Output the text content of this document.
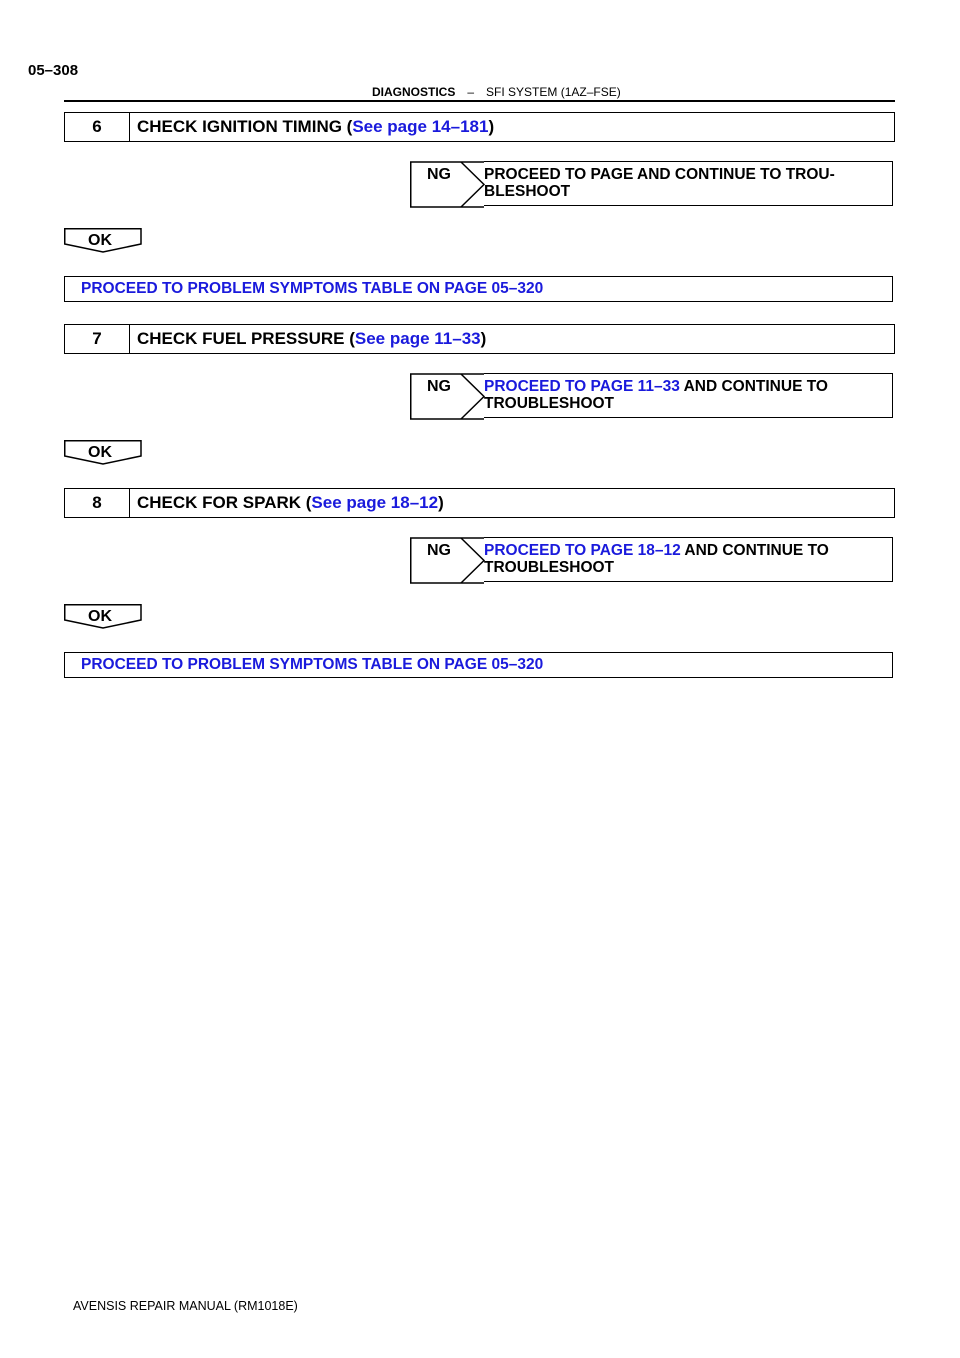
05–308
DIAGNOSTICS – SFI SYSTEM (1AZ–FSE)
6	CHECK IGNITION TIMING ( See page 14–181 )
NG PROCEED TO PAGE AND CONTINUE TO TROU-
BLESHOOT
OK
PROCEED TO PROBLEM SYMPTOMS TABLE ON PAGE 05–320
7	CHECK FUEL PRESSURE ( See page 11–33 )
NG PROCEED TO PAGE 11–33 AND CONTINUE TO
TROUBLESHOOT
OK
8	CHECK FOR SPARK ( See page 18–12 )
NG PROCEED TO PAGE 18–12 AND CONTINUE TO
TROUBLESHOOT
OK
PROCEED TO PROBLEM SYMPTOMS TABLE ON PAGE 05–320
AVENSIS REPAIR MANUAL (RM1018E)
